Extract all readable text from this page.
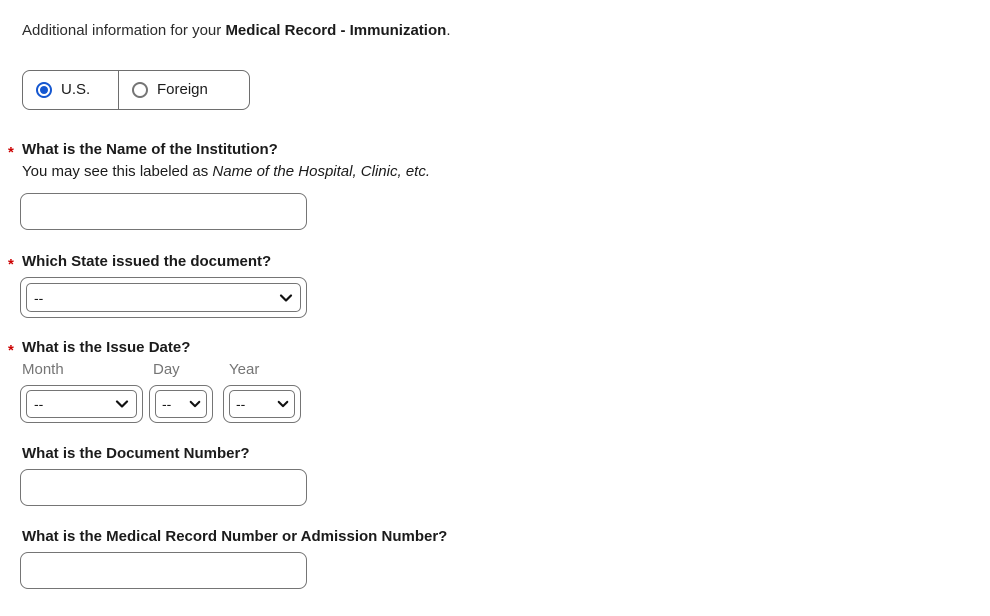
Additional information for your Medical Record - Immunization.

U.S.	Foreign
* What is the Name of the Institution?
You may see this labeled as Name of the Hospital, Clinic, etc.
* Which State issued the document?
--
* What is the Issue Date?
Month	Day	Year
--
--
--
What is the Document Number?
What is the Medical Record Number or Admission Number?
